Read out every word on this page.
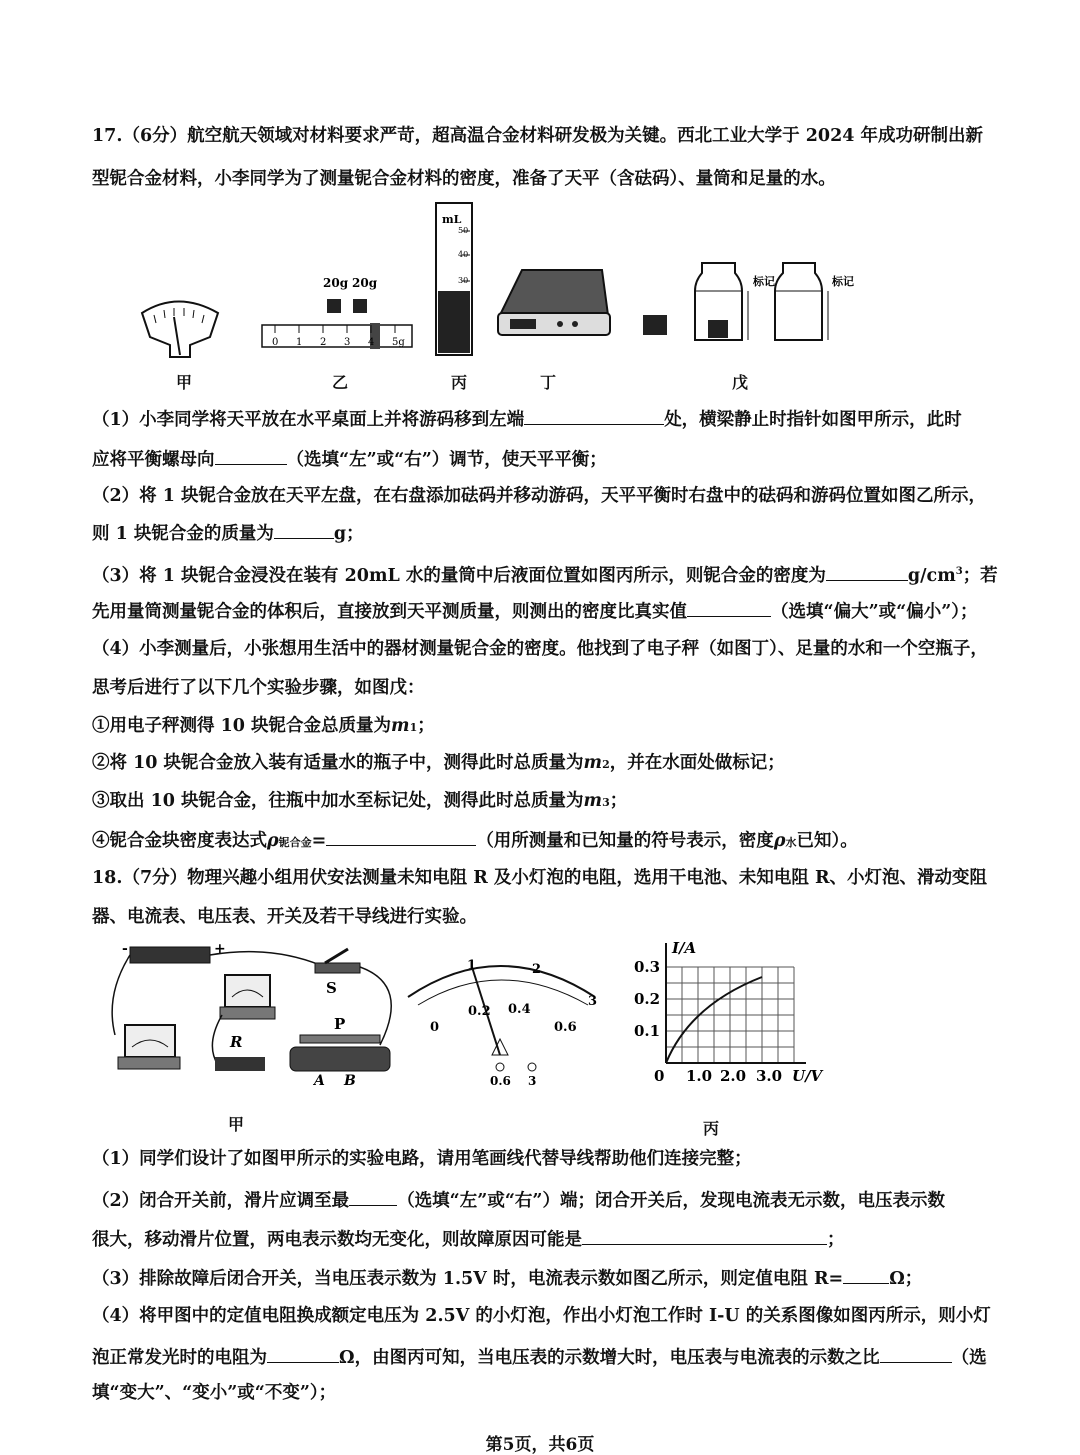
17.（6分）航空航天领域对材料要求严苛，超高温合金材料研发极为关键。西北工业大学于 2024 年成功研制出新
型铌合金材料，小李同学为了测量铌合金材料的密度，准备了天平（含砝码）、量筒和足量的水。
20g 20g
0 1 2 3 4 5g
mL
50
40
30	标记	标记
甲	乙	丙	丁	戊
（1）小李同学将天平放在水平桌面上并将游码移到左端	处，横梁静止时指针如图甲所示，此时
应将平衡螺母向	（选填“左”或“右”）调节，使天平平衡；
（2）将 1 块铌合金放在天平左盘，在右盘添加砝码并移动游码，天平平衡时右盘中的砝码和游码位置如图乙所示，
则 1 块铌合金的质量为	g；
（3）将 1 块铌合金浸没在装有 20mL 水的量筒中后液面位置如图丙所示，则铌合金的密度为	$g/cm^3$；若
先用量筒测量铌合金的体积后，直接放到天平测质量，则测出的密度比真实值	（选填“偏大”或“偏小”）；
（4）小李测量后，小张想用生活中的器材测量铌合金的密度。他找到了电子秤（如图丁）、足量的水和一个空瓶子，
思考后进行了以下几个实验步骤，如图戊：
①用电子秤测得 10 块铌合金总质量为m1；
②将 10 块铌合金放入装有适量水的瓶子中，测得此时总质量为m2，并在水面处做标记；
③取出 10 块铌合金，往瓶中加水至标记处，测得此时总质量为m3；
④铌合金块密度表达式ρ铌合金=	（用所测量和已知量的符号表示，密度ρ水已知）。
18.（7分）物理兴趣小组用伏安法测量未知电阻 R 及小灯泡的电阻，选用干电池、未知电阻 R、小灯泡、滑动变阻
器、电流表、电压表、开关及若干导线进行实验。
-	+
S
R
P
A B
0
0.2 0.4
0.6
1	2
3
0.6 3
I/A
0.3
0.2
0.1
0 1.0 2.0 3.0 U/V
甲	丙
（1）同学们设计了如图甲所示的实验电路，请用笔画线代替导线帮助他们连接完整；
（2）闭合开关前，滑片应调至最	（选填“左”或“右”）端；闭合开关后，发现电流表无示数，电压表示数
很大，移动滑片位置，两电表示数均无变化，则故障原因可能是	；
（3）排除故障后闭合开关，当电压表示数为 1.5V 时，电流表示数如图乙所示，则定值电阻 R=	Ω；
（4）将甲图中的定值电阻换成额定电压为 2.5V 的小灯泡，作出小灯泡工作时 I-U 的关系图像如图丙所示，则小灯
泡正常发光时的电阻为	Ω，由图丙可知，当电压表的示数增大时，电压表与电流表的示数之比	（选
填“变大”、“变小”或“不变”）；
第5页，共6页
